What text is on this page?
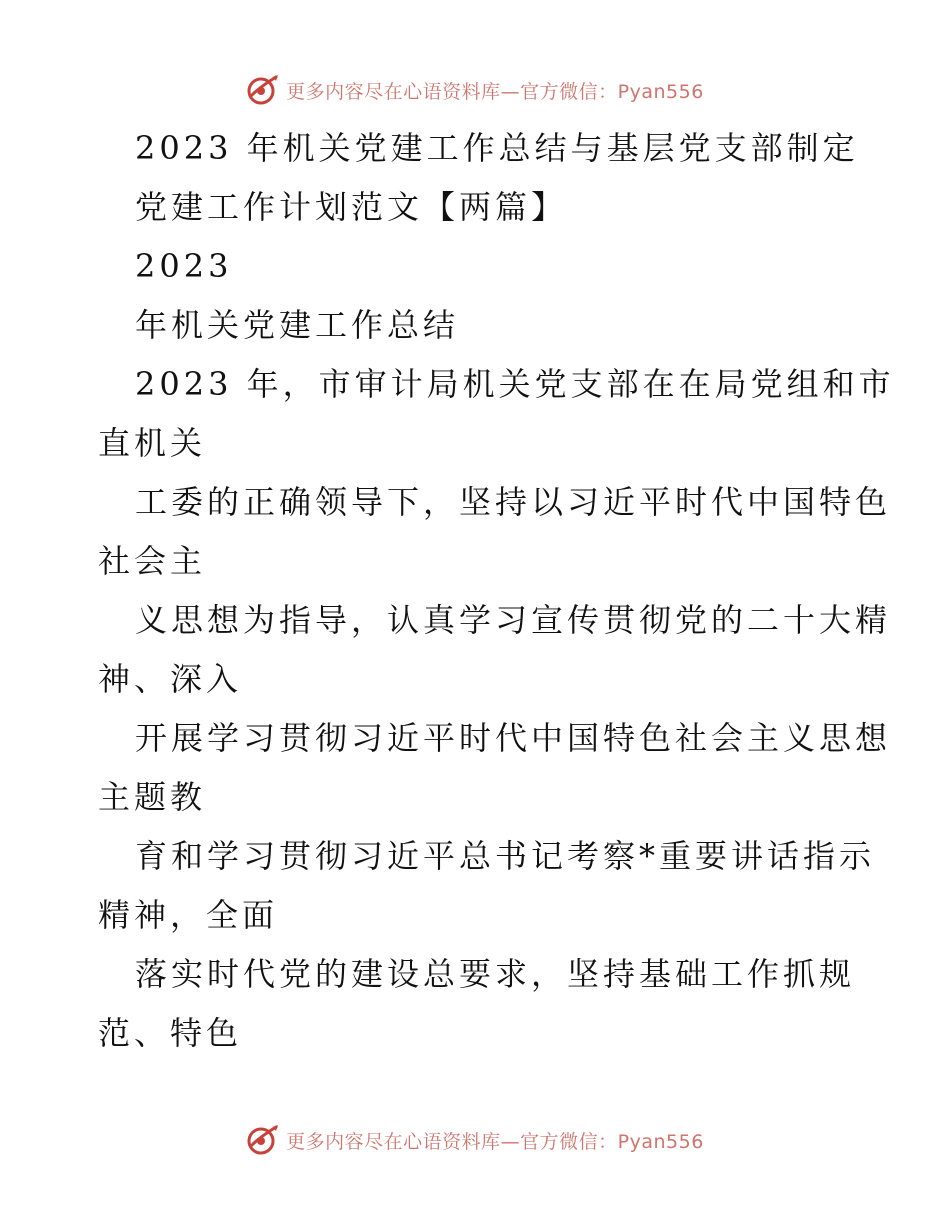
更多内容尽在心语资料库—官方微信：Pyan556
2023 年机关党建工作总结与基层党支部制定
党建工作计划范文【两篇】
2023
年机关党建工作总结
2023 年，市审计局机关党支部在在局党组和市
直机关
工委的正确领导下，坚持以习近平时代中国特色
社会主
义思想为指导，认真学习宣传贯彻党的二十大精
神、深入
开展学习贯彻习近平时代中国特色社会主义思想
主题教
育和学习贯彻习近平总书记考察*重要讲话指示
精神，全面
落实时代党的建设总要求，坚持基础工作抓规
范、特色
更多内容尽在心语资料库—官方微信：Pyan556
